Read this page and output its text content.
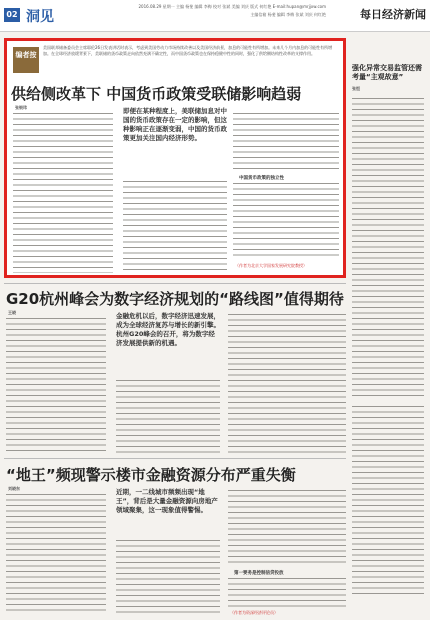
02 洞见
2016.08.29 星期一 主编 杨斐 编辑 李梅 校对 张斌 美编 刘庆 版式 何红艳 E-mail:hupan@mrjjxw.com
主编信箱 杨斐 编辑 李梅 张斌 刘庆 何红艳	每日经济新闻
编者按
美国联邦储备委员会主席耶伦26日发表讲话时表示，考虑到美国劳动力市场持续改善以及美国经济前景，加息的可能性有所增加。未来几个月内加息的可能性有所增加。在全球经济放缓背景下，美联储的货币政策走向依然充满不确定性，而中国货币政策也在保持稳健中性的同时，强化了供给侧结构性改革的支撑作用。
供给侧改革下 中国货币政策受联储影响趋弱
张银玮	即便在某种程度上，美联储加息对中国的货币政策存在一定的影响，但这种影响正在逐渐变弱，中国的货币政策更加关注国内经济形势。
中国货币政策的独立性
（作者为北京大学国家发展研究院教授）
强化异常交易监管还需考量“主观故意”
张恒
G20杭州峰会为数字经济规划的“路线图”值得期待
王晓	金融危机以后，数字经济迅速发展，成为全球经济复苏与增长的新引擎。杭州G20峰会的召开，将为数字经济发展提供新的机遇。
“地王”频现警示楼市金融资源分布严重失衡
刘晓东	近期，一二线城市频频出现“地王”，背后是大量金融资源向房地产领域聚集，这一现象值得警惕。
第一要务是控制信贷投放
（作者为资深经济评论员）
